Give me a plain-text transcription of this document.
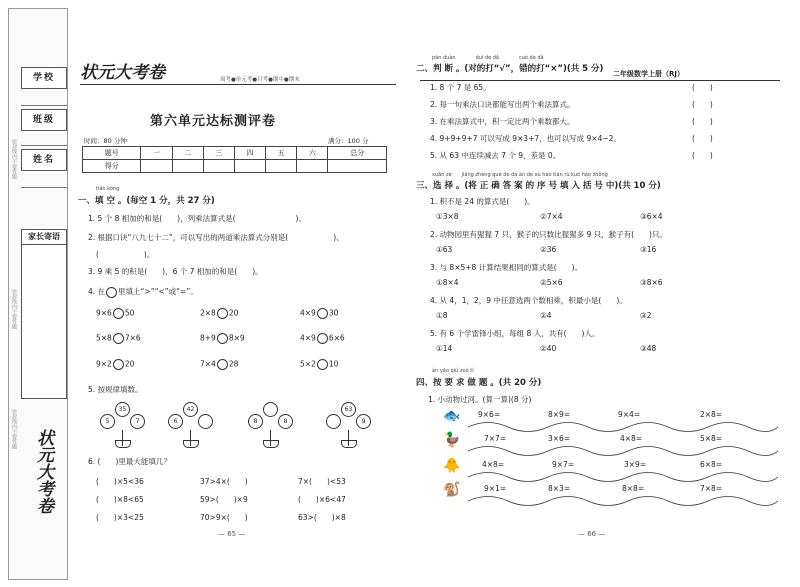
学校
班级
姓名
密封线内不要答题
密封线内不要答题
密封线内不要答题
家长寄语
状元大考卷
状元大考卷	周考●单元考●月考●期中●期末
第六单元达标测评卷
时间：80 分钟	满分：100 分
题号	一	二	三	四	五	六	总分
得分							
tián kòng
一、填 空 。(每空 1 分，共 27 分)
1. 5 个 8 相加的和是(　　)，列乘法算式是(　　　　　　　　)。
2. 根据口诀“八九七十二”，可以写出的两道乘法算式分别是(　　　　　　)、
(　　　　　　)。
3. 9 乘 5 的积是(　　)，6 个 7 相加的和是(　　)。
4. 在 里填上“>”“<”或“=”。
9×6 50	2×8 20	4×9 30
5×8 7×6	8+9 8×9	4×9 6×6
9×2 20	7×4 28	5×2 10
5. 按规律填数。
35
5	7
42
6	8	8
63
9
6. (　　)里最大能填几？
(　　)×5<36	37>4×(　　)	7×(　　)<53
(　　)×8<65	59>(　　)×9	(　　)×6<47
(　　)×3<25	70>9×(　　)	63>(　　)×8
— 65 —
二年级数学上册（RJ）
pàn duàn　　　　duì de dǎ　　　　cuò de dǎ
二、判 断 。(对的打“√”，错的打“×”)(共 5 分)
1. 8 个 7 是 65。	(　　)
2. 每一句乘法口诀都能写出两个乘法算式。	(　　)
3. 在乘法算式中，积一定比两个乘数都大。	(　　)
4. 9+9+9+7 可以写成 9×3+7，也可以写成 9×4−2。	(　　)
5. 从 63 中连续减去 7 个 9，差是 0。	(　　)
xuǎn zé　　jiāng zhèng què de dá àn de xù hào tián rù kuò hào zhōng
三、选 择 。(将 正 确 答 案 的 序 号 填 入 括 号 中)(共 10 分)
1. 积不是 24 的算式是(　　)。
①3×8	②7×4	③6×4
2. 动物园里有猩猩 7 只，猴子的只数比猩猩多 9 只，猴子有(　　)只。
①63	②36	③16
3. 与 8×5+8 计算结果相同的算式是(　　)。
①8×4	②5×6	③8×6
4. 从 4，1，2，9 中任意选两个数相乘，积最小是(　　)。
①8	②4	③2
5. 有 6 个学雷锋小组，每组 8 人，共有(　　)人。
①14	②40	③48
àn yāo qiú zuò tí
四、按 要 求 做 题 。(共 20 分)
1. 小动物过河。(算一算)(8 分)
🐟	9×6=	8×9=	9×4=	2×8=
🦆	7×7=	3×6=	4×8=	5×8=
🐥	4×8=	9×7=	3×9=	6×8=
🐒	9×1=	8×3=	8×8=	7×8=
— 66 —
